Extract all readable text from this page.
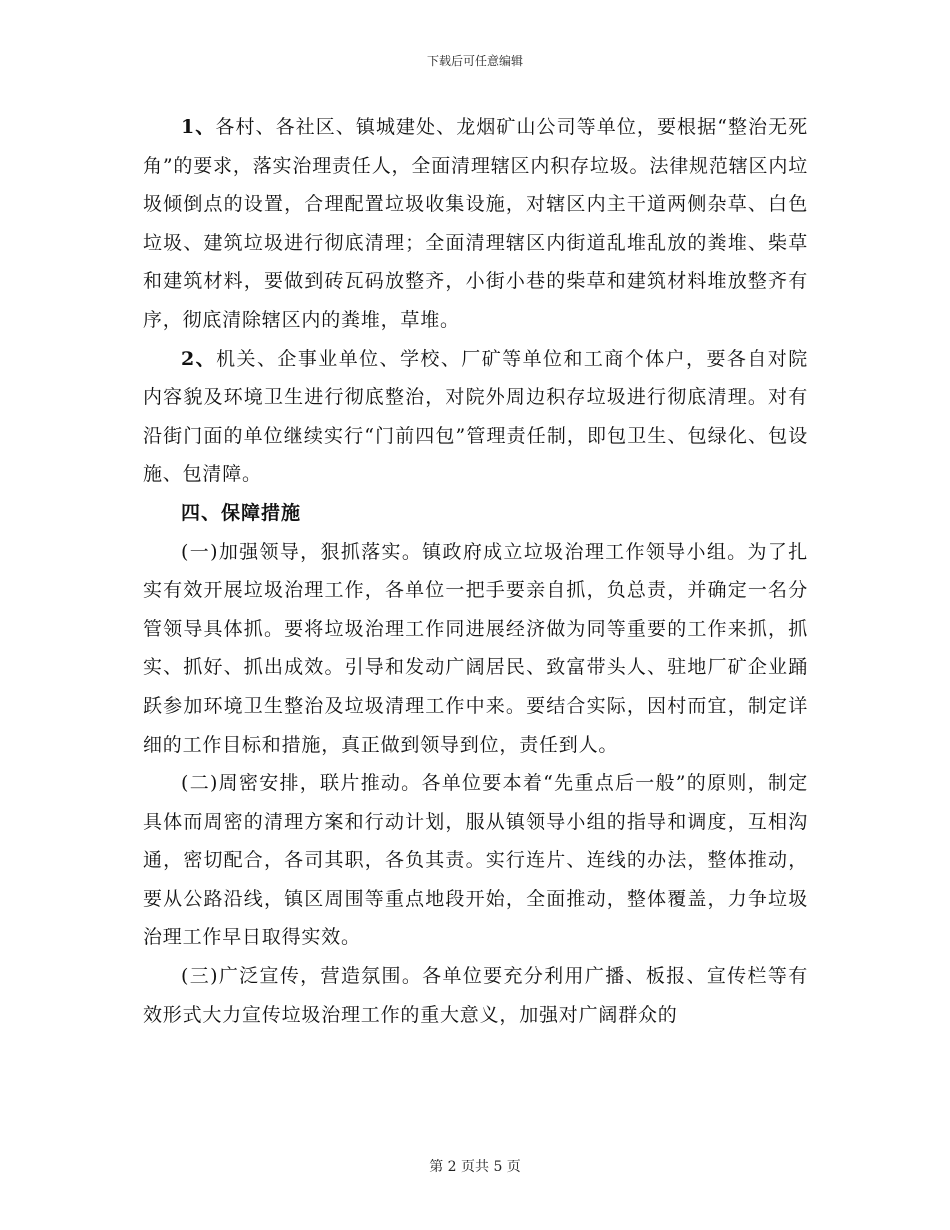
下载后可任意编辑

1、各村、各社区、镇城建处、龙烟矿山公司等单位，要根据“整治无死角”的要求，落实治理责任人，全面清理辖区内积存垃圾。法律规范辖区内垃圾倾倒点的设置，合理配置垃圾收集设施，对辖区内主干道两侧杂草、白色垃圾、建筑垃圾进行彻底清理；全面清理辖区内街道乱堆乱放的粪堆、柴草和建筑材料，要做到砖瓦码放整齐，小街小巷的柴草和建筑材料堆放整齐有序，彻底清除辖区内的粪堆，草堆。

2、机关、企事业单位、学校、厂矿等单位和工商个体户，要各自对院内容貌及环境卫生进行彻底整治，对院外周边积存垃圾进行彻底清理。对有沿街门面的单位继续实行“门前四包”管理责任制，即包卫生、包绿化、包设施、包清障。

四、保障措施

(一)加强领导，狠抓落实。镇政府成立垃圾治理工作领导小组。为了扎实有效开展垃圾治理工作，各单位一把手要亲自抓，负总责，并确定一名分管领导具体抓。要将垃圾治理工作同进展经济做为同等重要的工作来抓，抓实、抓好、抓出成效。引导和发动广阔居民、致富带头人、驻地厂矿企业踊跃参加环境卫生整治及垃圾清理工作中来。要结合实际，因村而宜，制定详细的工作目标和措施，真正做到领导到位，责任到人。

(二)周密安排，联片推动。各单位要本着“先重点后一般”的原则，制定具体而周密的清理方案和行动计划，服从镇领导小组的指导和调度，互相沟通，密切配合，各司其职，各负其责。实行连片、连线的办法，整体推动，要从公路沿线，镇区周围等重点地段开始，全面推动，整体覆盖，力争垃圾治理工作早日取得实效。

(三)广泛宣传，营造氛围。各单位要充分利用广播、板报、宣传栏等有效形式大力宣传垃圾治理工作的重大意义，加强对广阔群众的

第 2 页共 5 页
